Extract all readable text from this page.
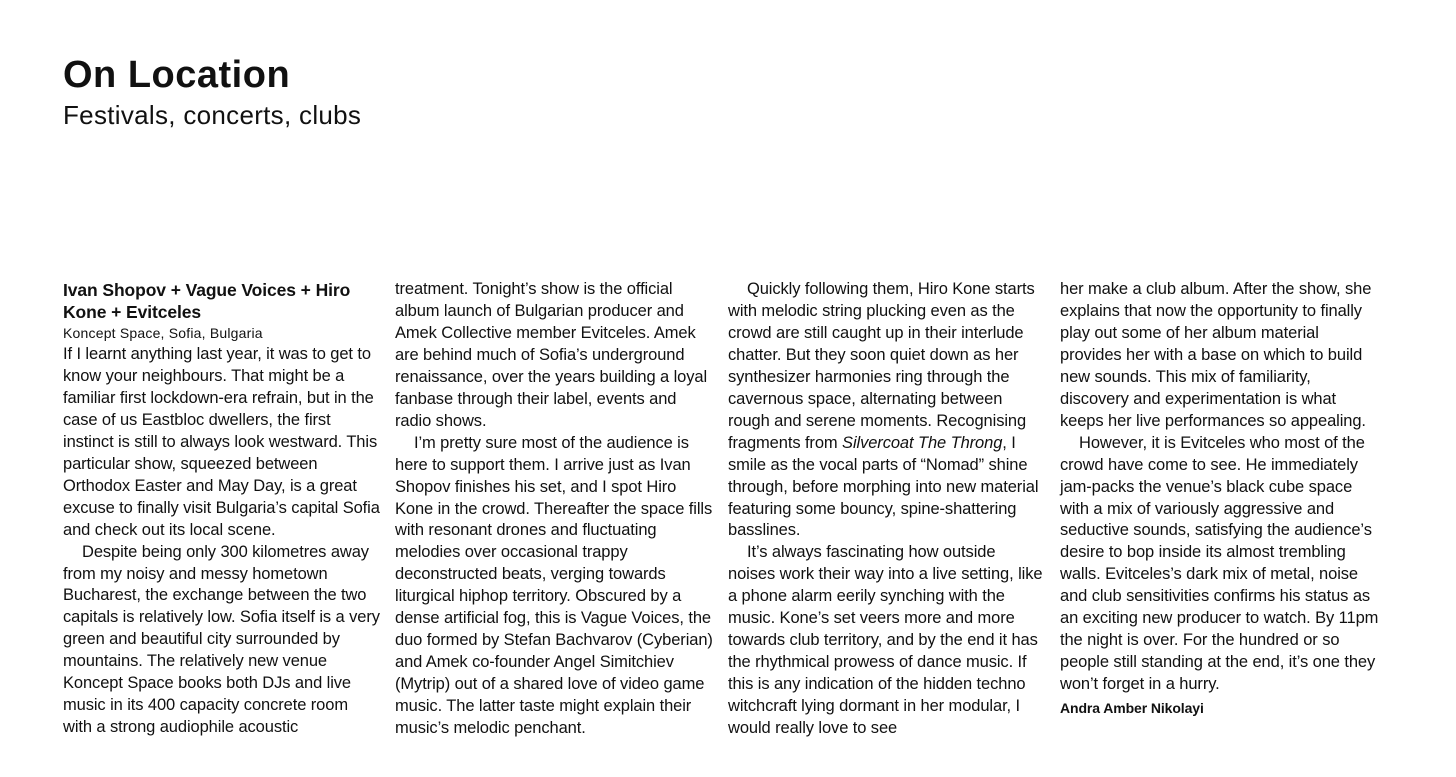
On Location
Festivals, concerts, clubs
Ivan Shopov + Vague Voices + Hiro Kone + Evitceles

Koncept Space, Sofia, Bulgaria

If I learnt anything last year, it was to get to know your neighbours. That might be a familiar first lockdown-era refrain, but in the case of us Eastbloc dwellers, the first instinct is still to always look westward. This particular show, squeezed between Orthodox Easter and May Day, is a great excuse to finally visit Bulgaria’s capital Sofia and check out its local scene.

Despite being only 300 kilometres away from my noisy and messy hometown Bucharest, the exchange between the two capitals is relatively low. Sofia itself is a very green and beautiful city surrounded by mountains. The relatively new venue Koncept Space books both DJs and live music in its 400 capacity concrete room with a strong audiophile acoustic

treatment. Tonight’s show is the official album launch of Bulgarian producer and Amek Collective member Evitceles. Amek are behind much of Sofia’s underground renaissance, over the years building a loyal fanbase through their label, events and radio shows.

I’m pretty sure most of the audience is here to support them. I arrive just as Ivan Shopov finishes his set, and I spot Hiro Kone in the crowd. Thereafter the space fills with resonant drones and fluctuating melodies over occasional trappy deconstructed beats, verging towards liturgical hiphop territory. Obscured by a dense artificial fog, this is Vague Voices, the duo formed by Stefan Bachvarov (Cyberian) and Amek co-founder Angel Simitchiev (Mytrip) out of a shared love of video game music. The latter taste might explain their music’s melodic penchant.

Quickly following them, Hiro Kone starts with melodic string plucking even as the crowd are still caught up in their interlude chatter. But they soon quiet down as her synthesizer harmonies ring through the cavernous space, alternating between rough and serene moments. Recognising fragments from Silvercoat The Throng, I smile as the vocal parts of “Nomad” shine through, before morphing into new material featuring some bouncy, spine-shattering basslines.

It’s always fascinating how outside noises work their way into a live setting, like a phone alarm eerily synching with the music. Kone’s set veers more and more towards club territory, and by the end it has the rhythmical prowess of dance music. If this is any indication of the hidden techno witchcraft lying dormant in her modular, I would really love to see

her make a club album. After the show, she explains that now the opportunity to finally play out some of her album material provides her with a base on which to build new sounds. This mix of familiarity, discovery and experimentation is what keeps her live performances so appealing.

However, it is Evitceles who most of the crowd have come to see. He immediately jam-packs the venue’s black cube space with a mix of variously aggressive and seductive sounds, satisfying the audience’s desire to bop inside its almost trembling walls. Evitceles’s dark mix of metal, noise and club sensitivities confirms his status as an exciting new producer to watch. By 11pm the night is over. For the hundred or so people still standing at the end, it’s one they won’t forget in a hurry.

Andra Amber Nikolayi
